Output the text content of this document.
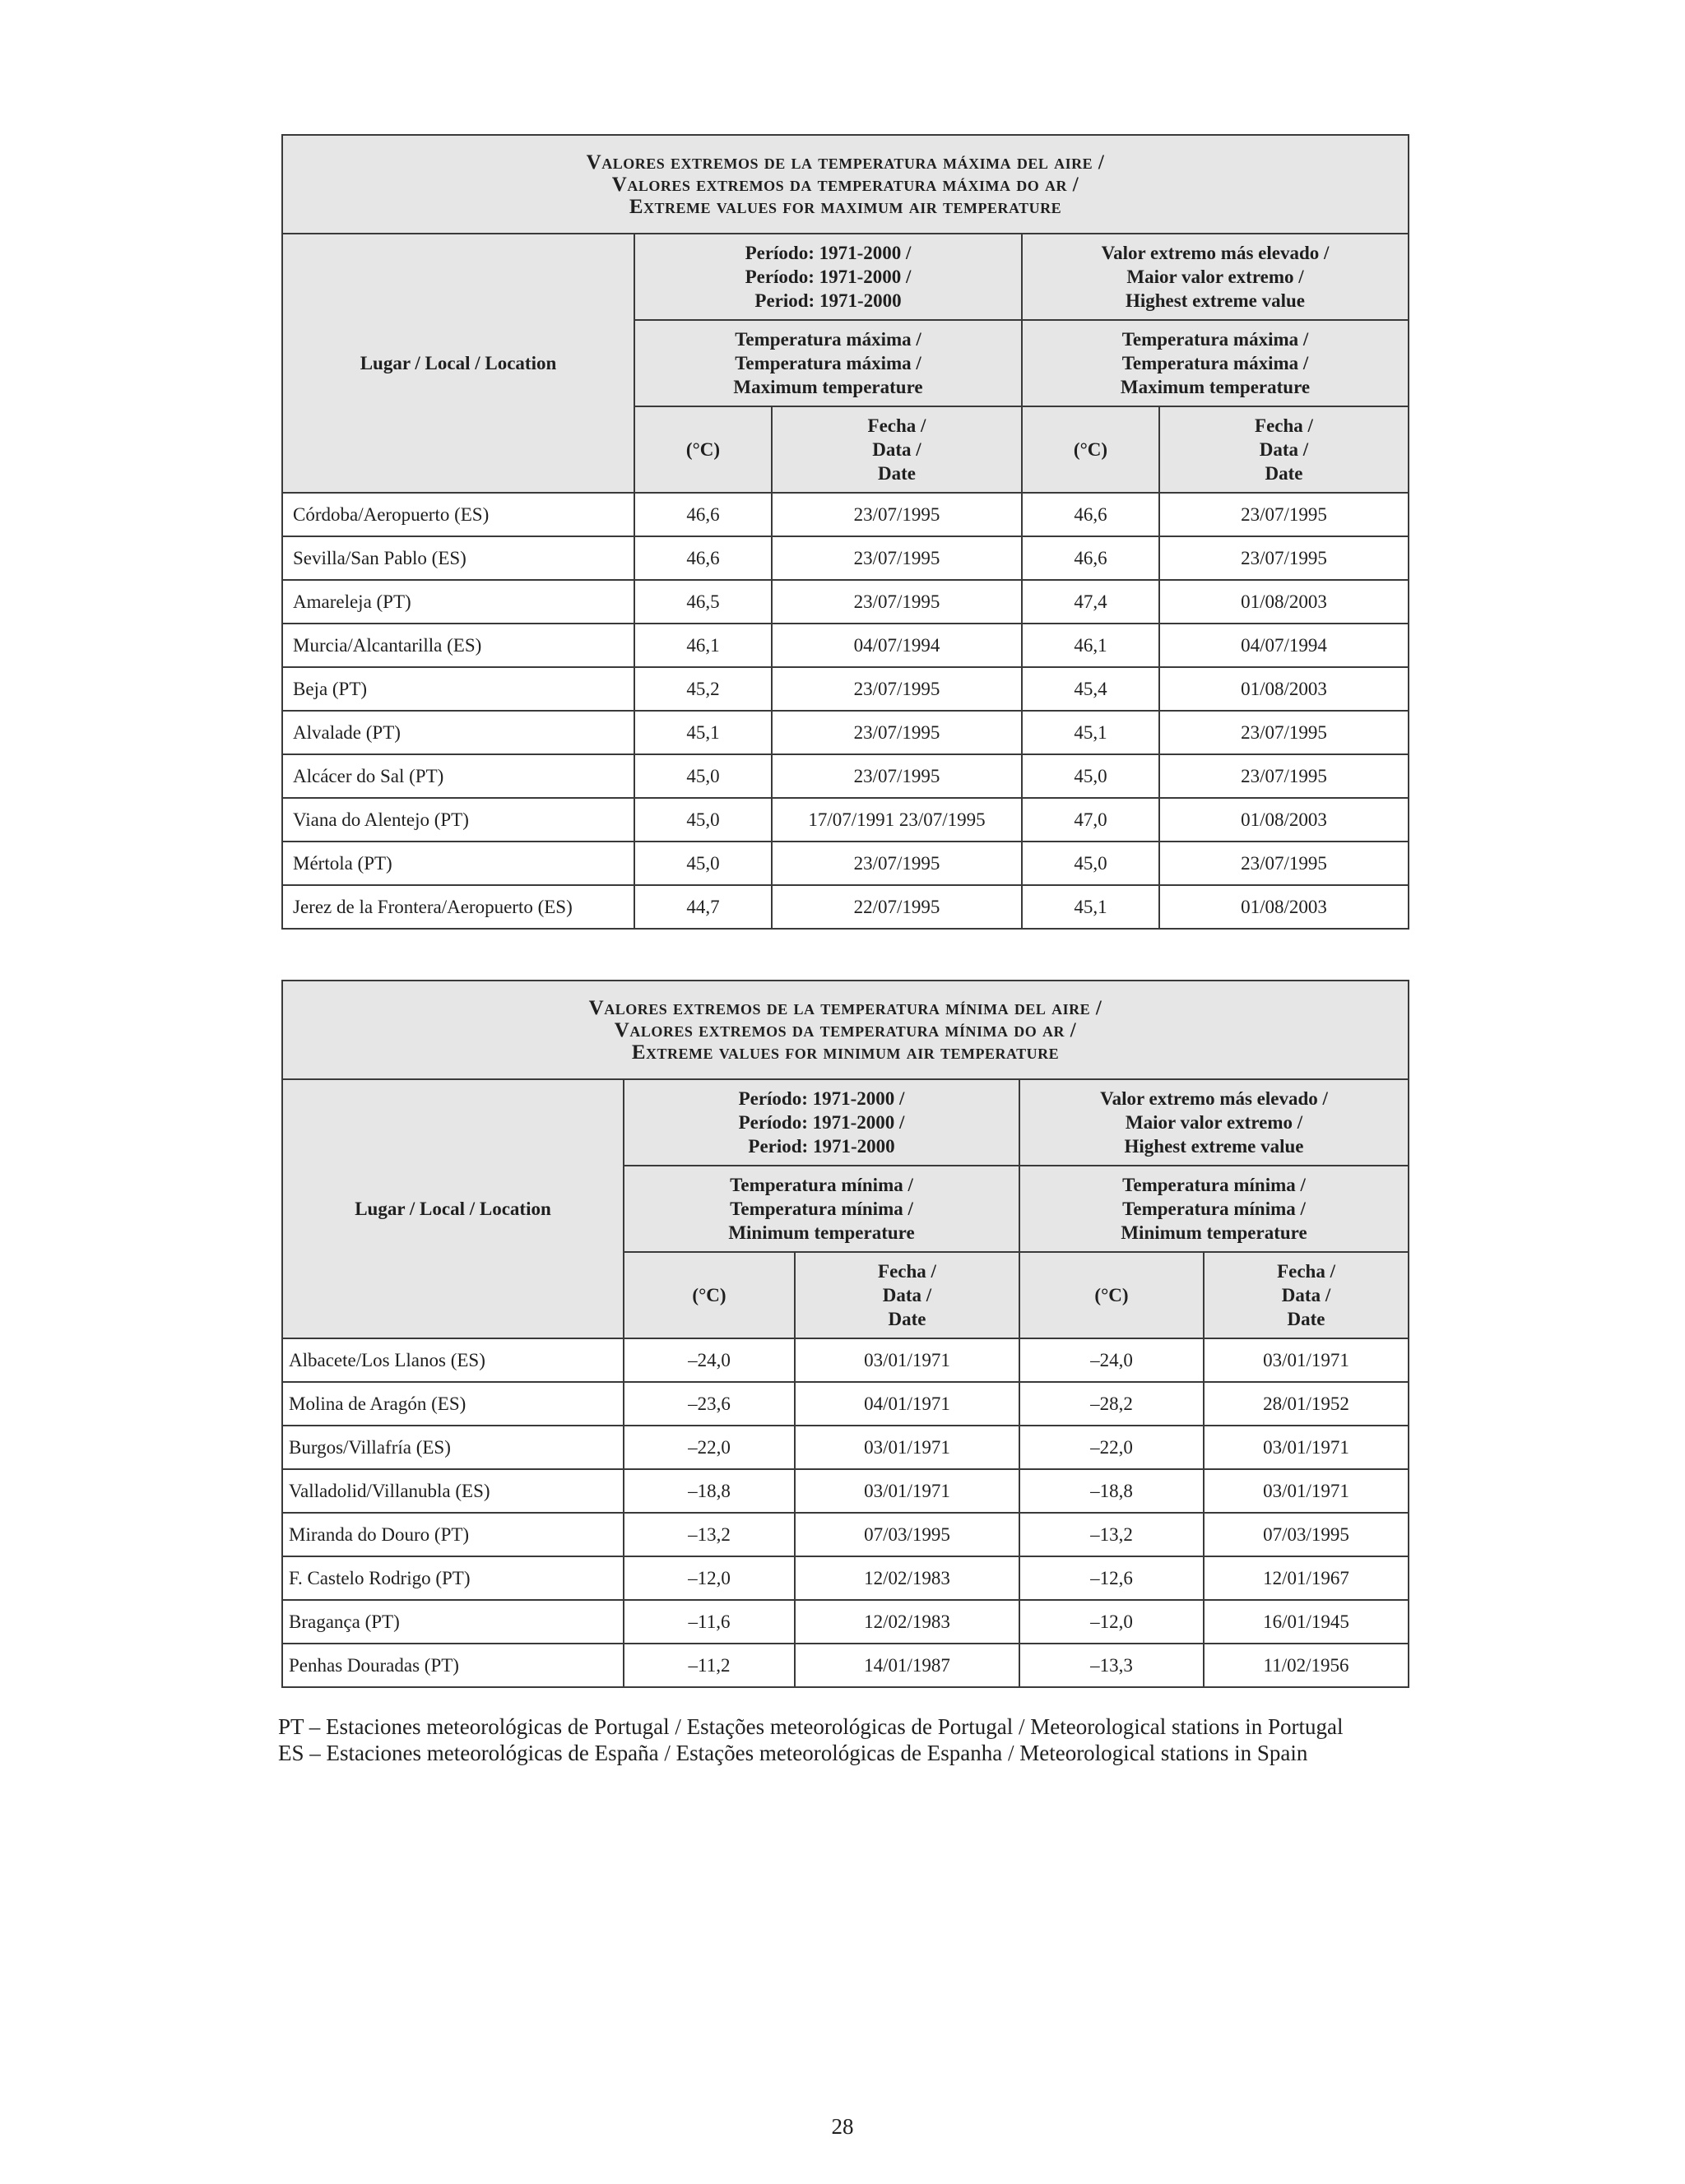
Valores extremos de la temperatura máxima del aire /
Valores extremos da temperatura máxima do ar /
Extreme values for maximum air temperature				

Lugar / Local / Location	Período: 1971-2000 /
Período: 1971-2000 /
Period: 1971-2000		Valor extremo más elevado /
Maior valor extremo /
Highest extreme value	

	Temperatura máxima /
Temperatura máxima /
Maximum temperature		Temperatura máxima /
Temperatura máxima /
Maximum temperature	

	(°C)	Fecha /
Data /
Date	(°C)	Fecha /
Data /
Date

Córdoba/Aeropuerto (ES)	46,6	23/07/1995	46,6	23/07/1995
Sevilla/San Pablo (ES)	46,6	23/07/1995	46,6	23/07/1995
Amareleja (PT)	46,5	23/07/1995	47,4	01/08/2003
Murcia/Alcantarilla (ES)	46,1	04/07/1994	46,1	04/07/1994
Beja (PT)	45,2	23/07/1995	45,4	01/08/2003
Alvalade (PT)	45,1	23/07/1995	45,1	23/07/1995
Alcácer do Sal (PT)	45,0	23/07/1995	45,0	23/07/1995
Viana do Alentejo (PT)	45,0	17/07/1991 23/07/1995	47,0	01/08/2003
Mértola (PT)	45,0	23/07/1995	45,0	23/07/1995
Jerez de la Frontera/Aeropuerto (ES)	44,7	22/07/1995	45,1	01/08/2003
Valores extremos de la temperatura mínima del aire /
Valores extremos da temperatura mínima do ar /
Extreme values for minimum air temperature				

Lugar / Local / Location	Período: 1971-2000 /
Período: 1971-2000 /
Period: 1971-2000		Valor extremo más elevado /
Maior valor extremo /
Highest extreme value	

	Temperatura mínima /
Temperatura mínima /
Minimum temperature		Temperatura mínima /
Temperatura mínima /
Minimum temperature	

	(°C)	Fecha /
Data /
Date	(°C)	Fecha /
Data /
Date

Albacete/Los Llanos (ES)	–24,0	03/01/1971	–24,0	03/01/1971
Molina de Aragón (ES)	–23,6	04/01/1971	–28,2	28/01/1952
Burgos/Villafría (ES)	–22,0	03/01/1971	–22,0	03/01/1971
Valladolid/Villanubla (ES)	–18,8	03/01/1971	–18,8	03/01/1971
Miranda do Douro (PT)	–13,2	07/03/1995	–13,2	07/03/1995
F. Castelo Rodrigo (PT)	–12,0	12/02/1983	–12,6	12/01/1967
Bragança (PT)	–11,6	12/02/1983	–12,0	16/01/1945
Penhas Douradas (PT)	–11,2	14/01/1987	–13,3	11/02/1956
PT – Estaciones meteorológicas de Portugal / Estações meteorológicas de Portugal / Meteorological stations in Portugal
ES – Estaciones meteorológicas de España / Estações meteorológicas de Espanha / Meteorological stations in Spain
28
